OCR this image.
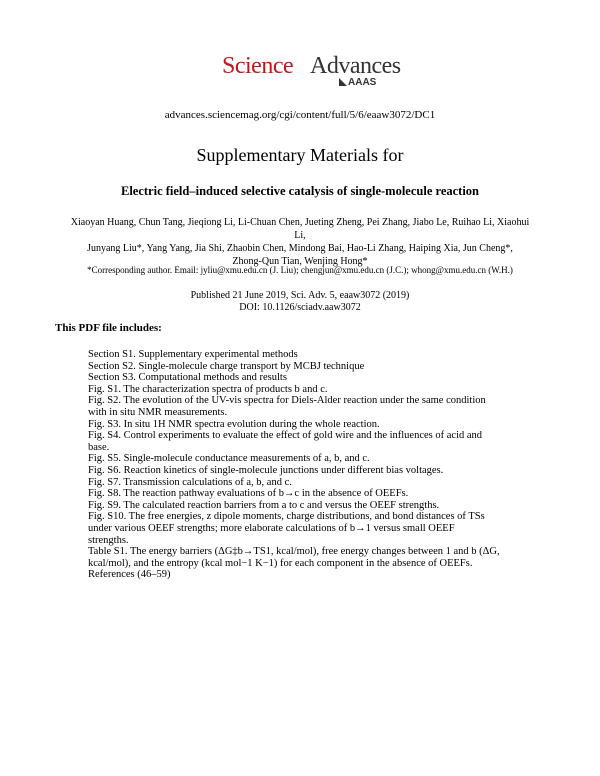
Science Advances
AAAS
advances.sciencemag.org/cgi/content/full/5/6/eaaw3072/DC1
Supplementary Materials for
Electric field–induced selective catalysis of single-molecule reaction
Xiaoyan Huang, Chun Tang, Jieqiong Li, Li-Chuan Chen, Jueting Zheng, Pei Zhang, Jiabo Le, Ruihao Li, Xiaohui Li,
Junyang Liu*, Yang Yang, Jia Shi, Zhaobin Chen, Mindong Bai, Hao-Li Zhang, Haiping Xia, Jun Cheng*,
Zhong-Qun Tian, Wenjing Hong*
*Corresponding author. Email: jyliu@xmu.edu.cn (J. Liu); chengjun@xmu.edu.cn (J.C.); whong@xmu.edu.cn (W.H.)
Published 21 June 2019, Sci. Adv. 5, eaaw3072 (2019)
DOI: 10.1126/sciadv.aaw3072
This PDF file includes:
Section S1. Supplementary experimental methods
Section S2. Single-molecule charge transport by MCBJ technique
Section S3. Computational methods and results
Fig. S1. The characterization spectra of products b and c.
Fig. S2. The evolution of the UV-vis spectra for Diels-Alder reaction under the same condition
with in situ NMR measurements.
Fig. S3. In situ 1H NMR spectra evolution during the whole reaction.
Fig. S4. Control experiments to evaluate the effect of gold wire and the influences of acid and
base.
Fig. S5. Single-molecule conductance measurements of a, b, and c.
Fig. S6. Reaction kinetics of single-molecule junctions under different bias voltages.
Fig. S7. Transmission calculations of a, b, and c.
Fig. S8. The reaction pathway evaluations of b→c in the absence of OEEFs.
Fig. S9. The calculated reaction barriers from a to c and versus the OEEF strengths.
Fig. S10. The free energies, z dipole moments, charge distributions, and bond distances of TSs
under various OEEF strengths; more elaborate calculations of b→1 versus small OEEF
strengths.
Table S1. The energy barriers (ΔG‡b→TS1, kcal/mol), free energy changes between 1 and b (ΔG,
kcal/mol), and the entropy (kcal mol−1 K−1) for each component in the absence of OEEFs.
References (46–59)
